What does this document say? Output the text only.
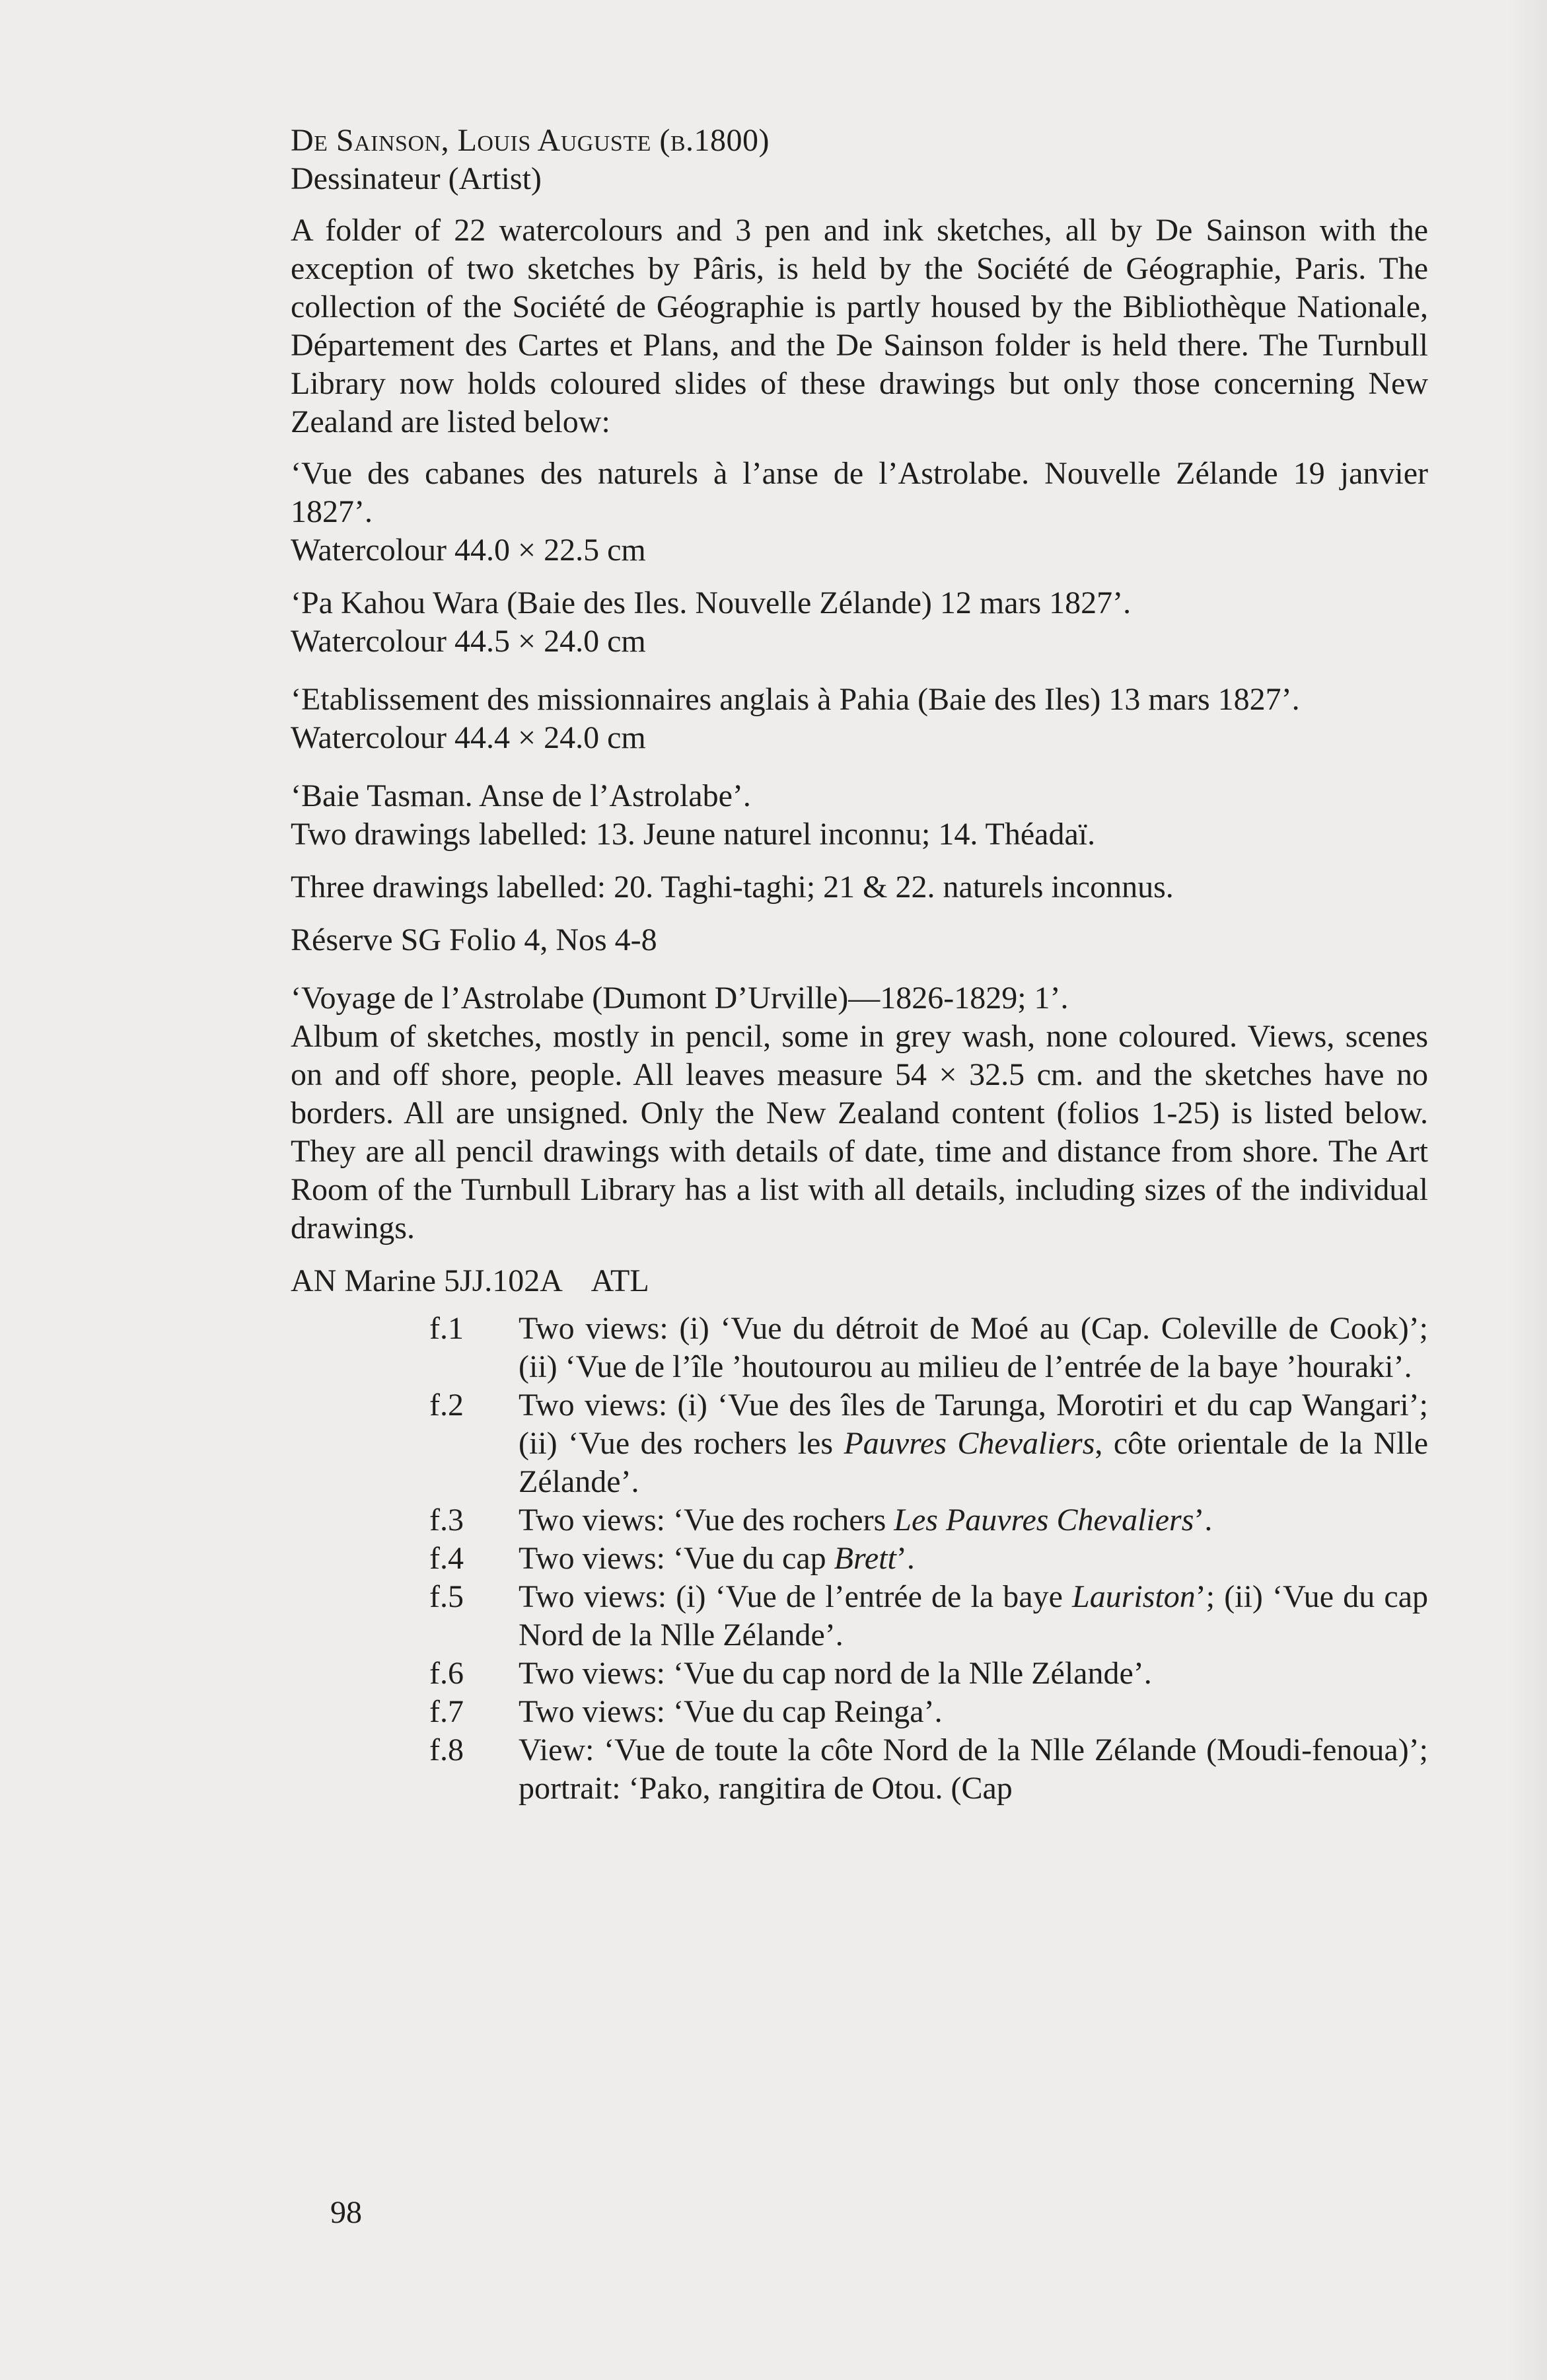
De Sainson, Louis Auguste (b.1800)

Dessinateur (Artist)

A folder of 22 watercolours and 3 pen and ink sketches, all by De Sainson with the exception of two sketches by Pâris, is held by the Société de Géographie, Paris. The collection of the Société de Géographie is partly housed by the Bibliothèque Nationale, Département des Cartes et Plans, and the De Sainson folder is held there. The Turnbull Library now holds coloured slides of these drawings but only those concerning New Zealand are listed below:

‘Vue des cabanes des naturels à l’anse de l’Astrolabe. Nouvelle Zélande 19 janvier 1827’.

Watercolour 44.0 × 22.5 cm

‘Pa Kahou Wara (Baie des Iles. Nouvelle Zélande) 12 mars 1827’.

Watercolour 44.5 × 24.0 cm

‘Etablissement des missionnaires anglais à Pahia (Baie des Iles) 13 mars 1827’.

Watercolour 44.4 × 24.0 cm

‘Baie Tasman. Anse de l’Astrolabe’.

Two drawings labelled: 13. Jeune naturel inconnu; 14. Théadaï.

Three drawings labelled: 20. Taghi-taghi; 21 & 22. naturels inconnus.

Réserve SG Folio 4, Nos 4-8

‘Voyage de l’Astrolabe (Dumont D’Urville)—1826-1829; 1’.

Album of sketches, mostly in pencil, some in grey wash, none coloured. Views, scenes on and off shore, people. All leaves measure 54 × 32.5 cm. and the sketches have no borders. All are unsigned. Only the New Zealand content (folios 1-25) is listed below. They are all pencil drawings with details of date, time and distance from shore. The Art Room of the Turnbull Library has a list with all details, including sizes of the individual drawings.

AN Marine 5JJ.102A    ATL

f.1	Two views: (i) ‘Vue du détroit de Moé au (Cap. Coleville de Cook)’; (ii) ‘Vue de l’île ’houtourou au milieu de l’entrée de la baye ’houraki’.
f.2	Two views: (i) ‘Vue des îles de Tarunga, Morotiri et du cap Wangari’; (ii) ‘Vue des rochers les Pauvres Chevaliers, côte orientale de la Nlle Zélande’.
f.3	Two views: ‘Vue des rochers Les Pauvres Chevaliers’.
f.4	Two views: ‘Vue du cap Brett’.
f.5	Two views: (i) ‘Vue de l’entrée de la baye Lauriston’; (ii) ‘Vue du cap Nord de la Nlle Zélande’.
f.6	Two views: ‘Vue du cap nord de la Nlle Zélande’.
f.7	Two views: ‘Vue du cap Reinga’.
f.8	View: ‘Vue de toute la côte Nord de la Nlle Zélande (Moudi-fenoua)’; portrait: ‘Pako, rangitira de Otou. (Cap
98
